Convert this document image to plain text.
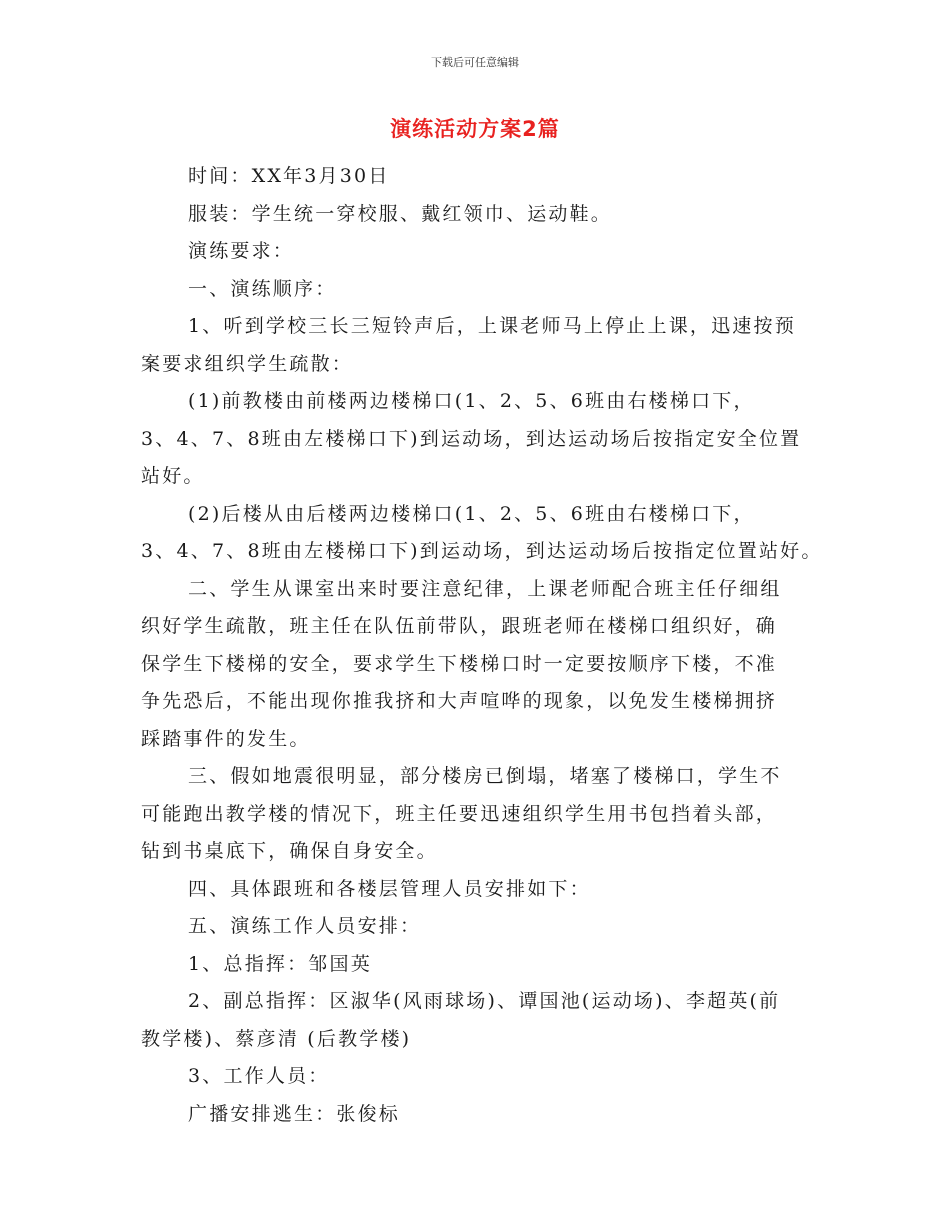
下载后可任意编辑
演练活动方案2篇
时间：XX年3月30日
服装：学生统一穿校服、戴红领巾、运动鞋。
演练要求：
一、演练顺序：
1、听到学校三长三短铃声后，上课老师马上停止上课，迅速按预
案要求组织学生疏散：
(1)前教楼由前楼两边楼梯口(1、2、5、6班由右楼梯口下，
3、4、7、8班由左楼梯口下)到运动场，到达运动场后按指定安全位置
站好。
(2)后楼从由后楼两边楼梯口(1、2、5、6班由右楼梯口下，
3、4、7、8班由左楼梯口下)到运动场，到达运动场后按指定位置站好。
二、学生从课室出来时要注意纪律，上课老师配合班主任仔细组
织好学生疏散，班主任在队伍前带队，跟班老师在楼梯口组织好，确
保学生下楼梯的安全，要求学生下楼梯口时一定要按顺序下楼，不准
争先恐后，不能出现你推我挤和大声喧哗的现象，以免发生楼梯拥挤
踩踏事件的发生。
三、假如地震很明显，部分楼房已倒塌，堵塞了楼梯口，学生不
可能跑出教学楼的情况下，班主任要迅速组织学生用书包挡着头部，
钻到书桌底下，确保自身安全。
四、具体跟班和各楼层管理人员安排如下：
五、演练工作人员安排：
1、总指挥：邹国英
2、副总指挥：区淑华(风雨球场)、谭国池(运动场)、李超英(前
教学楼)、蔡彦清 (后教学楼)
3、工作人员：
广播安排逃生：张俊标
